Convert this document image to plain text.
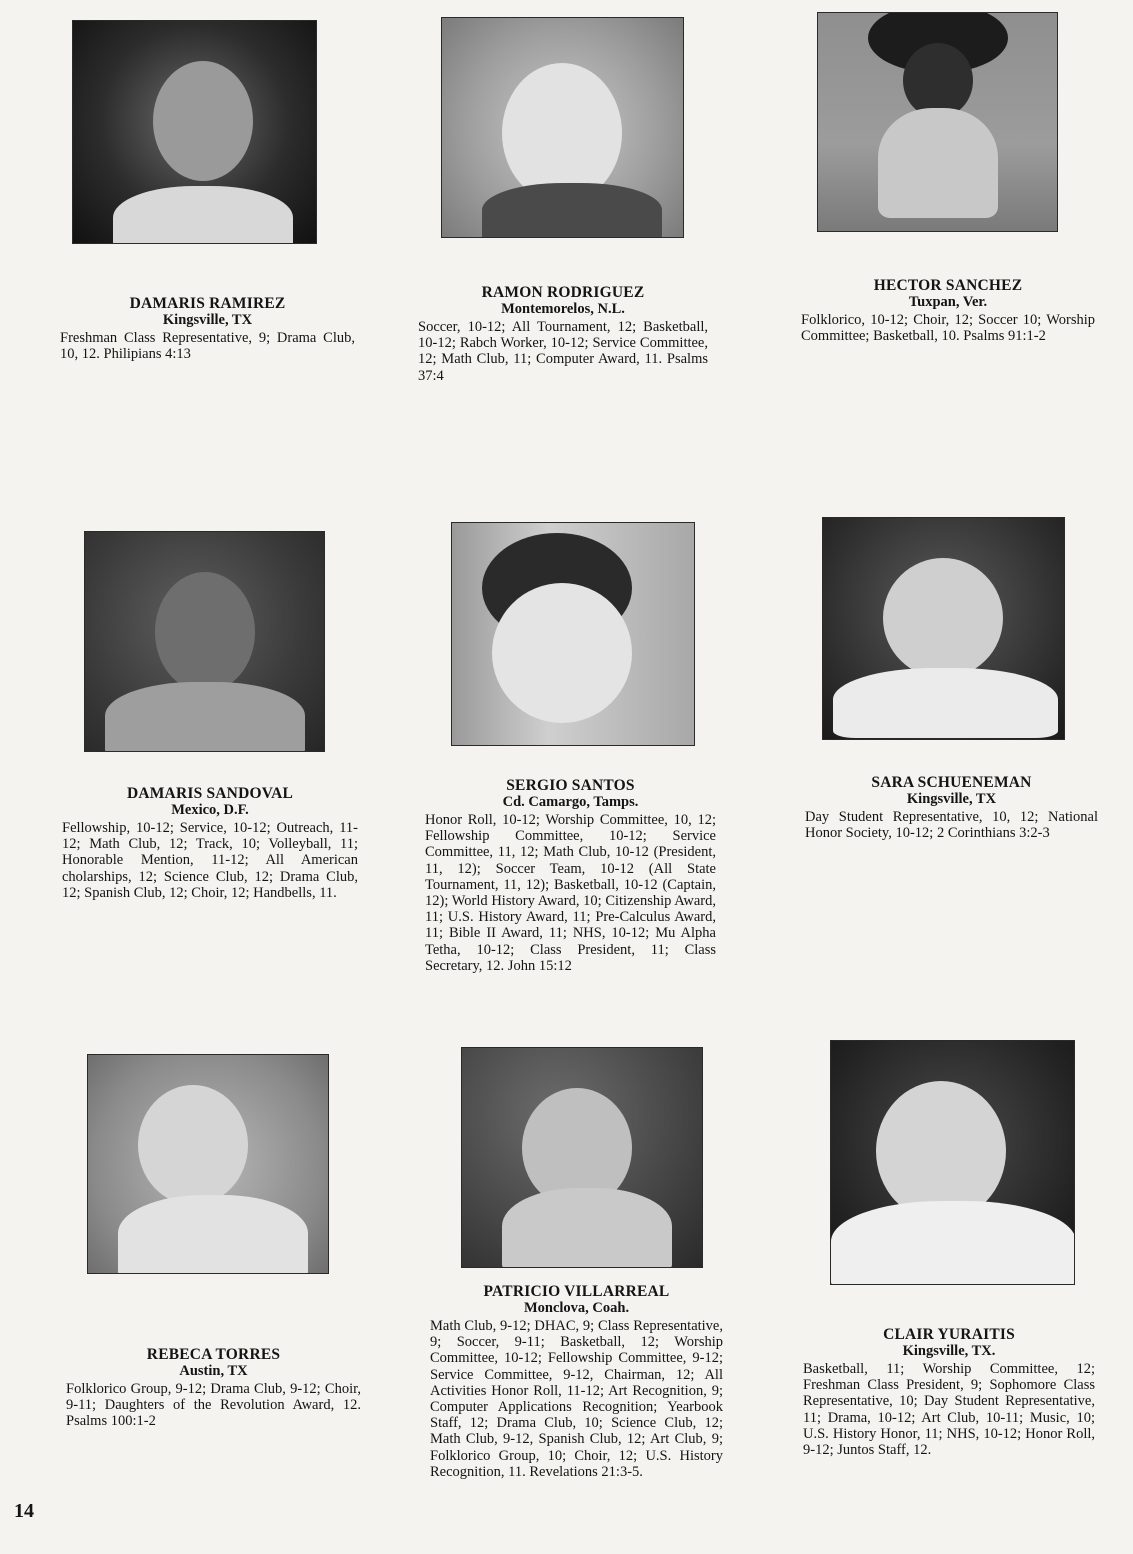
DAMARIS RAMIREZ
Kingsville, TX
Freshman Class Representative, 9; Drama Club, 10, 12. Philipians 4:13
RAMON RODRIGUEZ
Montemorelos, N.L.
Soccer, 10-12; All Tournament, 12; Basketball, 10-12; Rabch Worker, 10-12; Service Committee, 12; Math Club, 11; Computer Award, 11. Psalms 37:4
HECTOR SANCHEZ
Tuxpan, Ver.
Folklorico, 10-12; Choir, 12; Soccer 10; Worship Committee; Basketball, 10. Psalms 91:1-2
DAMARIS SANDOVAL
Mexico, D.F.
Fellowship, 10-12; Service, 10-12; Outreach, 11-12; Math Club, 12; Track, 10; Volleyball, 11; Honorable Mention, 11-12; All American cholarships, 12; Science Club, 12; Drama Club, 12; Spanish Club, 12; Choir, 12; Handbells, 11.
SERGIO SANTOS
Cd. Camargo, Tamps.
Honor Roll, 10-12; Worship Committee, 10, 12; Fellowship Committee, 10-12; Service Committee, 11, 12; Math Club, 10-12 (President, 11, 12); Soccer Team, 10-12 (All State Tournament, 11, 12); Basketball, 10-12 (Captain, 12); World History Award, 10; Citizenship Award, 11; U.S. History Award, 11; Pre-Calculus Award, 11; Bible II Award, 11; NHS, 10-12; Mu Alpha Tetha, 10-12; Class President, 11; Class Secretary, 12. John 15:12
SARA SCHUENEMAN
Kingsville, TX
Day Student Representative, 10, 12; National Honor Society, 10-12; 2 Corinthians 3:2-3
REBECA TORRES
Austin, TX
Folklorico Group, 9-12; Drama Club, 9-12; Choir, 9-11; Daughters of the Revolution Award, 12. Psalms 100:1-2
PATRICIO VILLARREAL
Monclova, Coah.
Math Club, 9-12; DHAC, 9; Class Representative, 9; Soccer, 9-11; Basketball, 12; Worship Committee, 10-12; Fellowship Committee, 9-12; Service Committee, 9-12, Chairman, 12; All Activities Honor Roll, 11-12; Art Recognition, 9; Computer Applications Recognition; Yearbook Staff, 12; Drama Club, 10; Science Club, 12; Math Club, 9-12, Spanish Club, 12; Art Club, 9; Folklorico Group, 10; Choir, 12; U.S. History Recognition, 11. Revelations 21:3-5.
CLAIR YURAITIS
Kingsville, TX.
Basketball, 11; Worship Committee, 12; Freshman Class President, 9; Sophomore Class Representative, 10; Day Student Representative, 11; Drama, 10-12; Art Club, 10-11; Music, 10; U.S. History Honor, 11; NHS, 10-12; Honor Roll, 9-12; Juntos Staff, 12.
14
